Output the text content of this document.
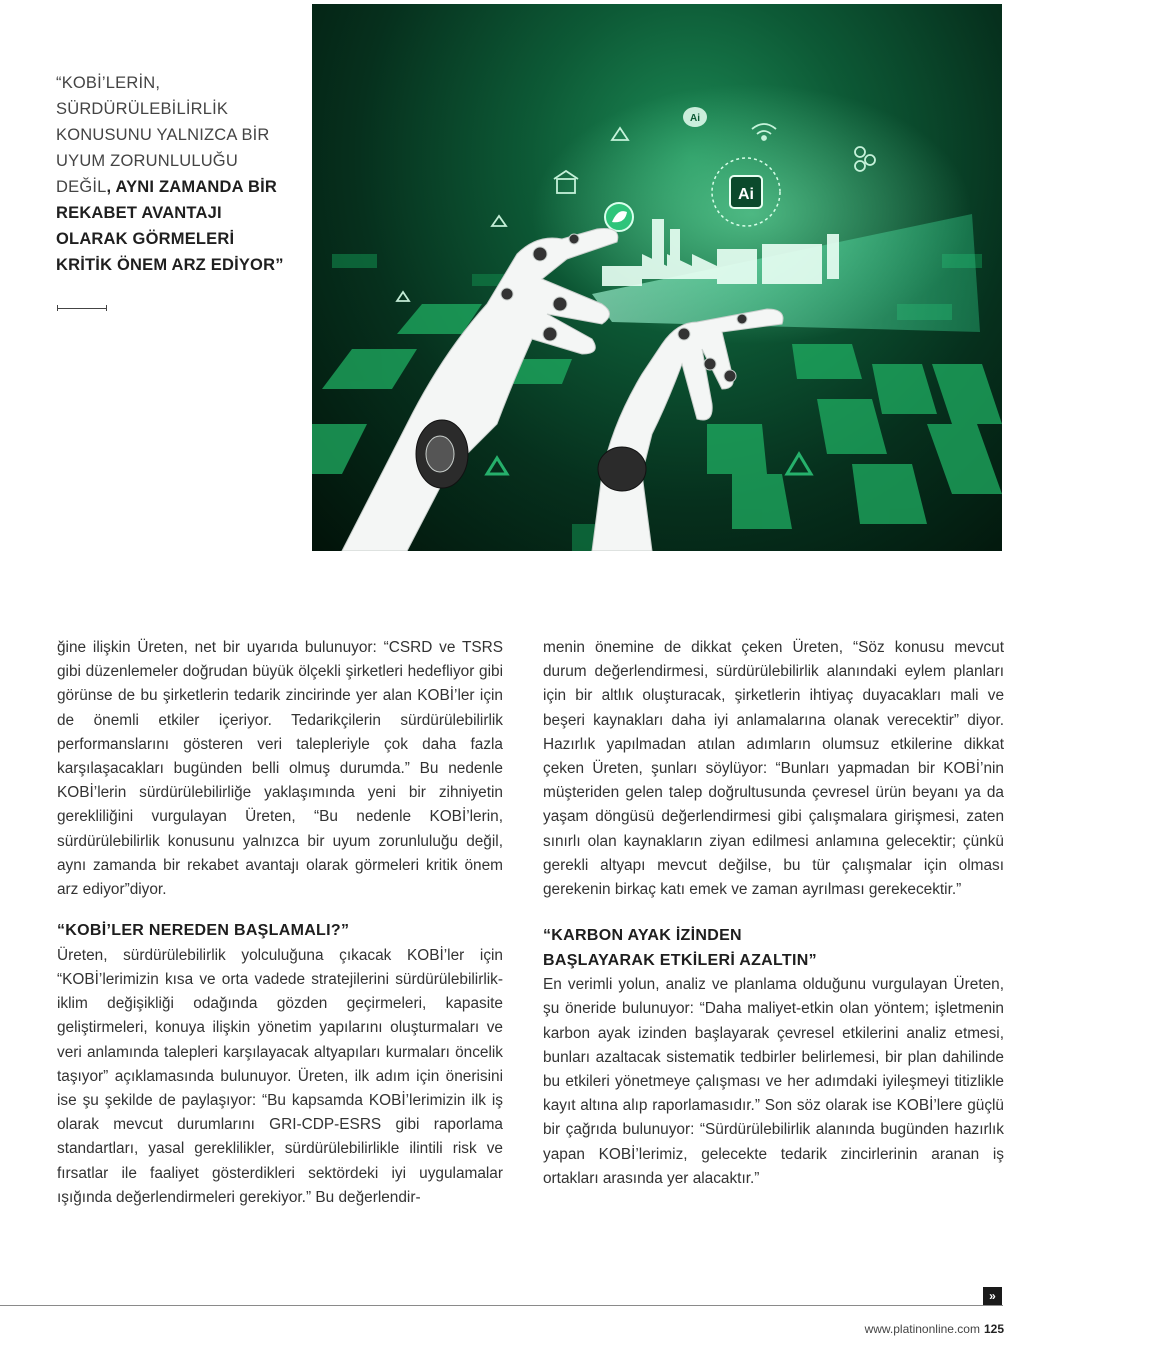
“KOBİ’LERİN, SÜRDÜRÜLEBİLİRLİK KONUSUNU YALNIZCA BİR UYUM ZORUNLULUĞU DEĞİL, AYNI ZAMANDA BİR REKABET AVANTAJI OLARAK GÖRMELERİ KRİTİK ÖNEM ARZ EDİYOR”
Ai
Ai

ğine ilişkin Üreten, net bir uyarıda bulunuyor: “CSRD ve TSRS gibi düzenlemeler doğrudan büyük ölçekli şirketleri hedefliyor gibi görünse de bu şirketlerin tedarik zincirinde yer alan KOBİ’ler için de önemli etkiler içeriyor. Tedarikçilerin sürdürülebilirlik performanslarını gösteren veri talepleriyle çok daha fazla karşılaşacakları bugünden belli olmuş durumda.” Bu nedenle KOBİ’lerin sürdürülebilirliğe yaklaşımında yeni bir zihniyetin gerekliliğini vurgulayan Üreten, “Bu nedenle KOBİ’lerin, sürdürülebilirlik konusunu yalnızca bir uyum zorunluluğu değil, aynı zamanda bir rekabet avantajı olarak görmeleri kritik önem arz ediyor”diyor.

“KOBİ’LER NEREDEN BAŞLAMALI?”

Üreten, sürdürülebilirlik yolculuğuna çıkacak KOBİ’ler için “KOBİ’lerimizin kısa ve orta vadede stratejilerini sürdürülebilirlik-iklim değişikliği odağında gözden geçirmeleri, kapasite geliştirmeleri, konuya ilişkin yönetim yapılarını oluşturmaları ve veri anlamında talepleri karşılayacak altyapıları kurmaları öncelik taşıyor” açıklamasında bulunuyor. Üreten, ilk adım için önerisini ise şu şekilde de paylaşıyor: “Bu kapsamda KOBİ’lerimizin ilk iş olarak mevcut durumlarını GRI-CDP-ESRS gibi raporlama standartları, yasal gereklilikler, sürdürülebilirlikle ilintili risk ve fırsatlar ile faaliyet gösterdikleri sektördeki iyi uygulamalar ışığında değerlendirmeleri gerekiyor.” Bu değerlendir-

menin önemine de dikkat çeken Üreten, “Söz konusu mevcut durum değerlendirmesi, sürdürülebilirlik alanındaki eylem planları için bir altlık oluşturacak, şirketlerin ihtiyaç duyacakları mali ve beşeri kaynakları daha iyi anlamalarına olanak verecektir” diyor. Hazırlık yapılmadan atılan adımların olumsuz etkilerine dikkat çeken Üreten, şunları söylüyor: “Bunları yapmadan bir KOBİ’nin müşteriden gelen talep doğrultusunda çevresel ürün beyanı ya da yaşam döngüsü değerlendirmesi gibi çalışmalara girişmesi, zaten sınırlı olan kaynakların ziyan edilmesi anlamına gelecektir; çünkü gerekli altyapı mevcut değilse, bu tür çalışmalar için olması gerekenin birkaç katı emek ve zaman ayrılması gerekecektir.”

“KARBON AYAK İZİNDEN
BAŞLAYARAK ETKİLERİ AZALTIN”

En verimli yolun, analiz ve planlama olduğunu vurgulayan Üreten, şu öneride bulunuyor: “Daha maliyet-etkin olan yöntem; işletmenin karbon ayak izinden başlayarak çevresel etkilerini analiz etmesi, bunları azaltacak sistematik tedbirler belirlemesi, bir plan dahilinde bu etkileri yönetmeye çalışması ve her adımdaki iyileşmeyi titizlikle kayıt altına alıp raporlamasıdır.” Son söz olarak ise KOBİ’lere güçlü bir çağrıda bulunuyor: “Sürdürülebilirlik alanında bugünden hazırlık yapan KOBİ’lerimiz, gelecekte tedarik zincirlerinin aranan iş ortakları arasında yer alacaktır.”

»
www.platinonline.com 125
